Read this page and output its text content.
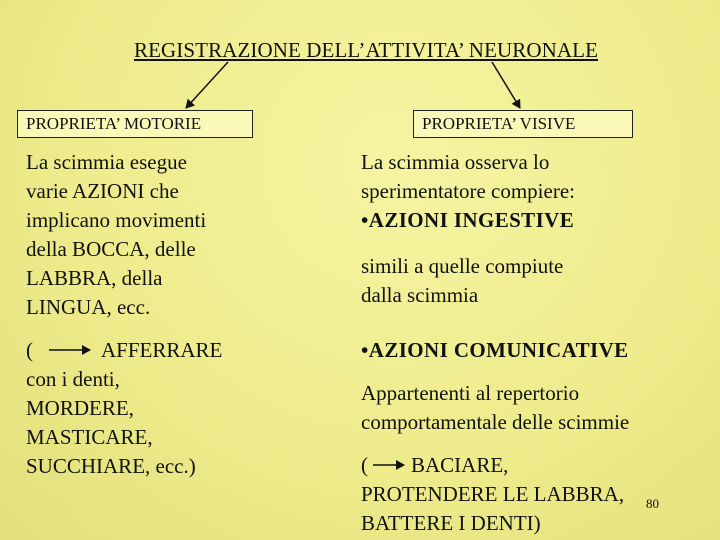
REGISTRAZIONE DELL’ATTIVITA’ NEURONALE
PROPRIETA’ MOTORIE	PROPRIETA’ VISIVE
La scimmia esegue
varie AZIONI che
implicano movimenti
della BOCCA, delle
LABBRA, della
LINGUA, ecc.
(	AFFERRARE
con i denti,
MORDERE,
MASTICARE,
SUCCHIARE, ecc.)
La scimmia osserva lo
sperimentatore compiere:
•AZIONI INGESTIVE
simili a quelle compiute
dalla scimmia
•AZIONI COMUNICATIVE
Appartenenti al repertorio
comportamentale delle scimmie
( BACIARE,
PROTENDERE LE LABBRA,
BATTERE I DENTI)
80
